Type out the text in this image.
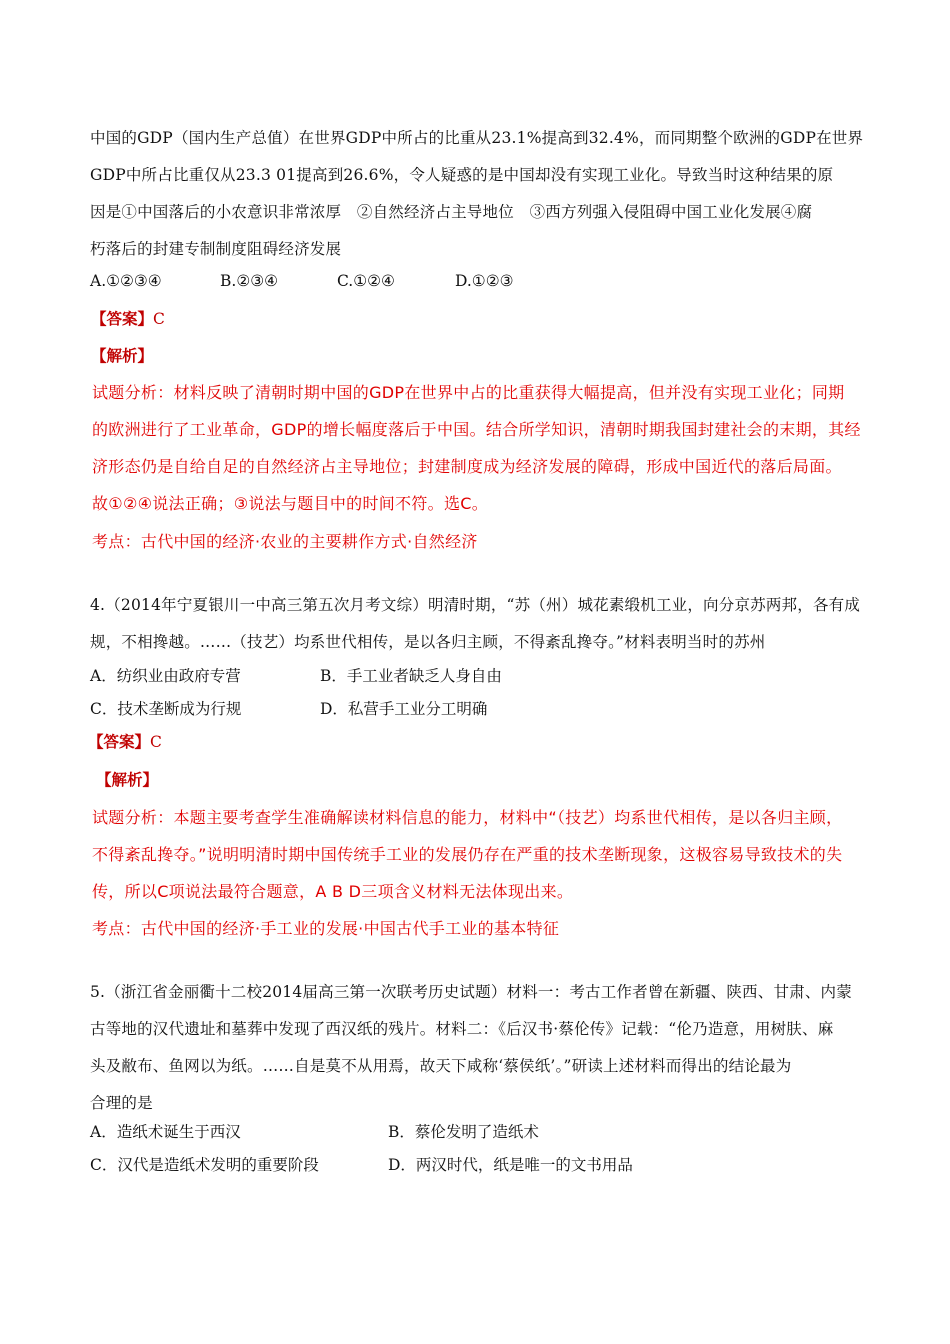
中国的GDP（国内生产总值）在世界GDP中所占的比重从23.1%提高到32.4%，而同期整个欧洲的GDP在世界
GDP中所占比重仅从23.3 01提高到26.6%，令人疑惑的是中国却没有实现工业化。导致当时这种结果的原
因是①中国落后的小农意识非常浓厚　②自然经济占主导地位　③西方列强入侵阻碍中国工业化发展④腐
朽落后的封建专制制度阻碍经济发展
A.①②③④	B.②③④	C.①②④	D.①②③
【答案】C
【解析】
试题分析：材料反映了清朝时期中国的GDP在世界中占的比重获得大幅提高，但并没有实现工业化；同期
的欧洲进行了工业革命，GDP的增长幅度落后于中国。结合所学知识，清朝时期我国封建社会的末期，其经
济形态仍是自给自足的自然经济占主导地位；封建制度成为经济发展的障碍，形成中国近代的落后局面。
故①②④说法正确；③说法与题目中的时间不符。选C。
考点：古代中国的经济·农业的主要耕作方式·自然经济
4.（2014年宁夏银川一中高三第五次月考文综）明清时期，“苏（州）城花素缎机工业，向分京苏两邦，各有成
规，不相搀越。……（技艺）均系世代相传，是以各归主顾，不得紊乱搀夺。”材料表明当时的苏州
A．纺织业由政府专营	B．手工业者缺乏人身自由
C．技术垄断成为行规	D．私营手工业分工明确
【答案】C
【解析】
试题分析：本题主要考查学生准确解读材料信息的能力，材料中“（技艺）均系世代相传，是以各归主顾，
不得紊乱搀夺。”说明明清时期中国传统手工业的发展仍存在严重的技术垄断现象，这极容易导致技术的失
传，所以C项说法最符合题意，A B D三项含义材料无法体现出来。
考点：古代中国的经济·手工业的发展·中国古代手工业的基本特征
5.（浙江省金丽衢十二校2014届高三第一次联考历史试题）材料一：考古工作者曾在新疆、陕西、甘肃、内蒙
古等地的汉代遗址和墓葬中发现了西汉纸的残片。材料二：《后汉书·蔡伦传》记载：“伦乃造意，用树肤、麻
头及敝布、鱼网以为纸。……自是莫不从用焉，故天下咸称‘蔡侯纸’。”研读上述材料而得出的结论最为
合理的是
A．造纸术诞生于西汉	B．蔡伦发明了造纸术
C．汉代是造纸术发明的重要阶段	D．两汉时代，纸是唯一的文书用品
